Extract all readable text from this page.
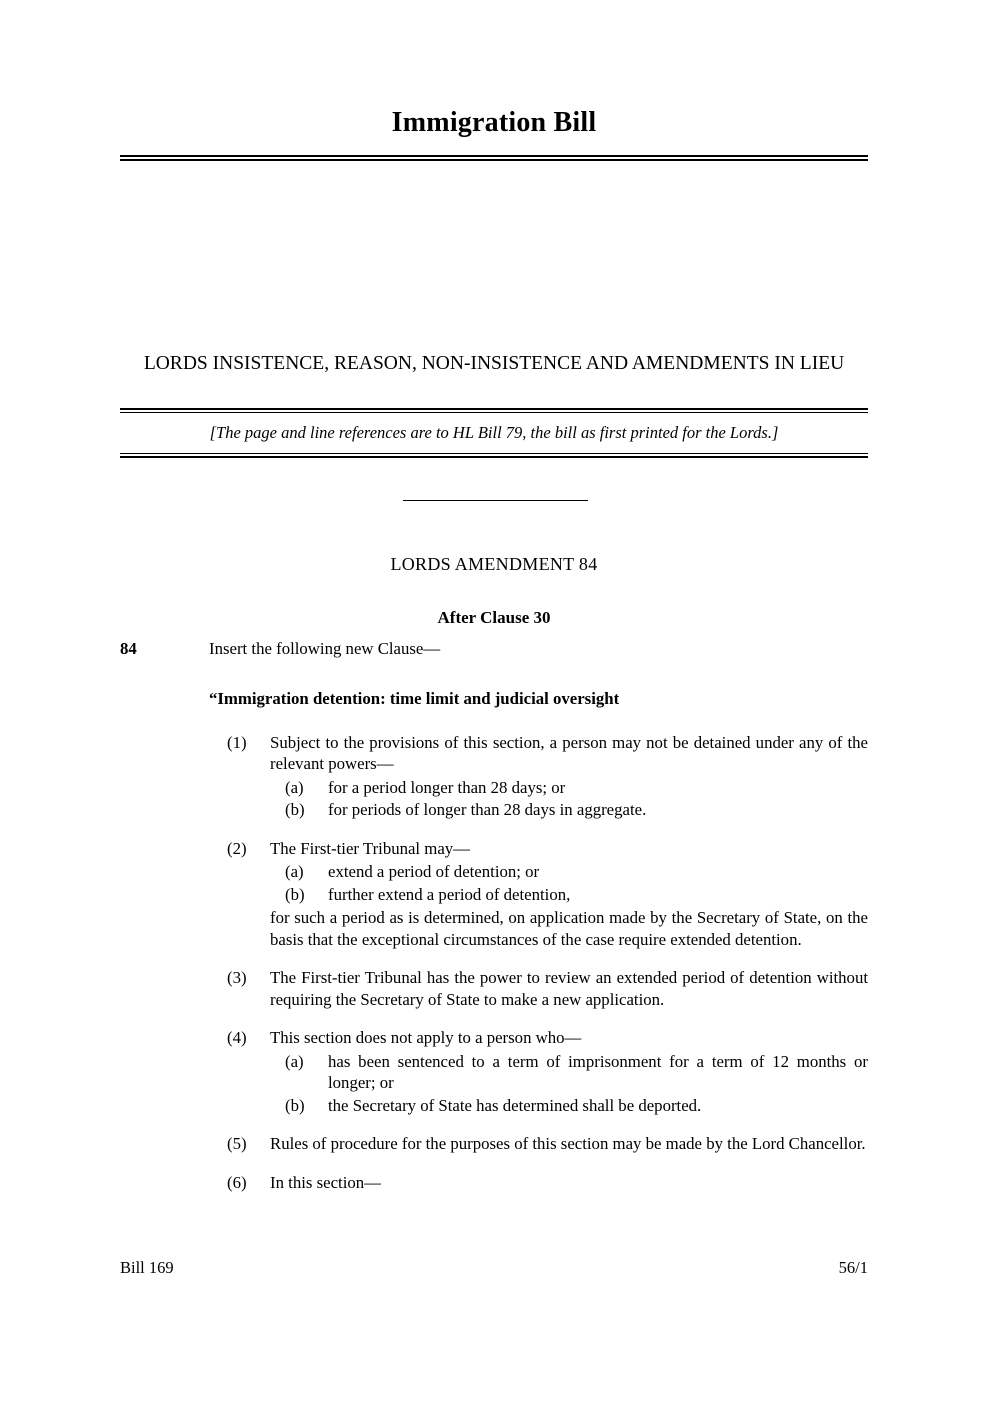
Immigration Bill
LORDS INSISTENCE, REASON, NON-INSISTENCE AND AMENDMENTS IN LIEU
[The page and line references are to HL Bill 79, the bill as first printed for the Lords.]
LORDS AMENDMENT 84
After Clause 30
84	Insert the following new Clause—
“Immigration detention: time limit and judicial oversight
(1)	Subject to the provisions of this section, a person may not be detained under any of the relevant powers—

(a)	for a period longer than 28 days; or

(b)	for periods of longer than 28 days in aggregate.

(2)	The First-tier Tribunal may—

(a)	extend a period of detention; or

(b)	further extend a period of detention,

for such a period as is determined, on application made by the Secretary of State, on the basis that the exceptional circumstances of the case require extended detention.
(3)	The First-tier Tribunal has the power to review an extended period of detention without requiring the Secretary of State to make a new application.

(4)	This section does not apply to a person who—

(a)	has been sentenced to a term of imprisonment for a term of 12 months or longer; or

(b)	the Secretary of State has determined shall be deported.

(5)	Rules of procedure for the purposes of this section may be made by the Lord Chancellor.

(6)	In this section—

Bill 169	56/1
